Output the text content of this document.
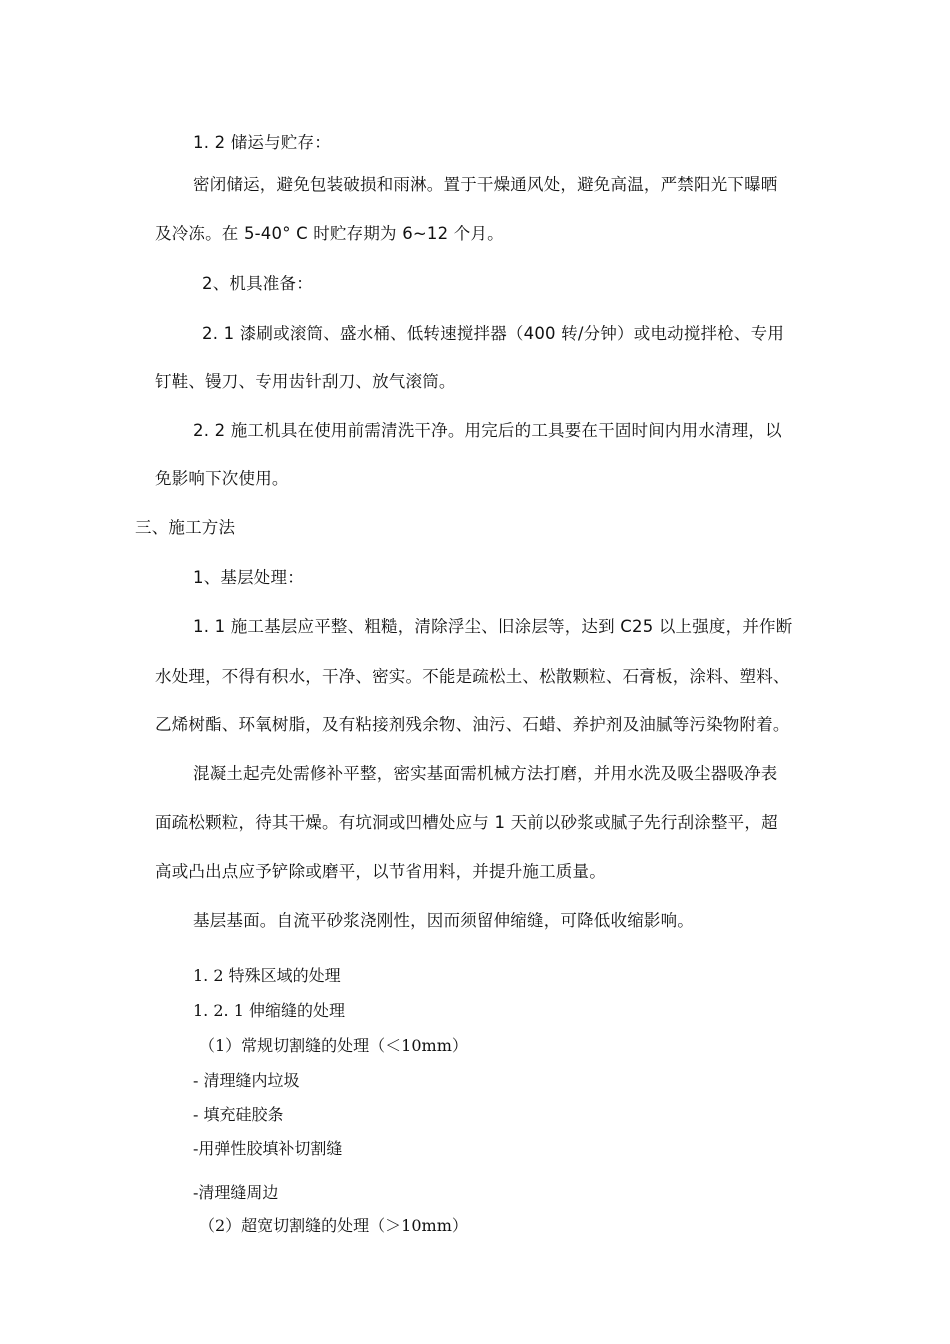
1. 2 储运与贮存：

密闭储运，避免包装破损和雨淋。置于干燥通风处，避免高温，严禁阳光下曝晒

及冷冻。在 5-40° C 时贮存期为 6~12 个月。

2、机具准备：

2. 1 漆刷或滚筒、盛水桶、低转速搅拌器（400 转/分钟）或电动搅拌枪、专用

钉鞋、镘刀、专用齿针刮刀、放气滚筒。

2. 2 施工机具在使用前需清洗干净。用完后的工具要在干固时间内用水清理，以

免影响下次使用。

三、施工方法

1、基层处理：

1. 1 施工基层应平整、粗糙，清除浮尘、旧涂层等，达到 C25 以上强度，并作断

水处理，不得有积水，干净、密实。不能是疏松土、松散颗粒、石膏板，涂料、塑料、

乙烯树酯、环氧树脂，及有粘接剂残余物、油污、石蜡、养护剂及油腻等污染物附着。

混凝土起壳处需修补平整，密实基面需机械方法打磨，并用水洗及吸尘器吸净表

面疏松颗粒，待其干燥。有坑洞或凹槽处应与 1 天前以砂浆或腻子先行刮涂整平，超

高或凸出点应予铲除或磨平，以节省用料，并提升施工质量。

基层基面。自流平砂浆浇刚性，因而须留伸缩缝，可降低收缩影响。

1. 2 特殊区域的处理

1. 2. 1 伸缩缝的处理

（1）常规切割缝的处理（＜10mm）

- 清理缝内垃圾

- 填充硅胶条

-用弹性胶填补切割缝

-清理缝周边

（2）超宽切割缝的处理（＞10mm）
